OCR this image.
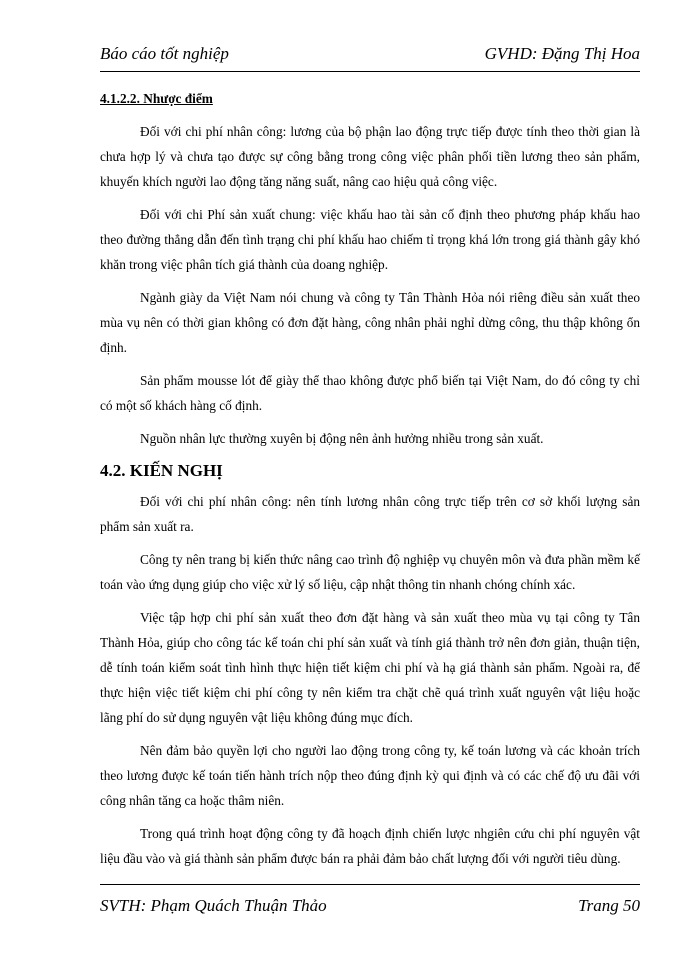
Báo cáo tốt nghiệp	GVHD: Đặng Thị Hoa
4.1.2.2. Nhược điểm

Đối với chi phí nhân công: lương của bộ phận lao động trực tiếp được tính theo thời gian là chưa hợp lý và chưa tạo được sự công bằng trong công việc phân phối tiền lương theo sản phẩm, khuyến khích người lao động tăng năng suất, nâng cao hiệu quả công việc.

Đối với chi Phí sản xuất chung: việc khấu hao tài sản cố định theo phương pháp khấu hao theo đường thẳng dẫn đến tình trạng chi phí khấu hao chiếm tỉ trọng khá lớn trong giá thành gây khó khăn trong việc phân tích giá thành của doang nghiệp.

Ngành giày da Việt Nam nói chung và công ty Tân Thành Hỏa nói riêng điều sản xuất theo mùa vụ nên có thời gian không có đơn đặt hàng, công nhân phải nghỉ dừng công, thu thập không ổn định.

Sản phẩm mousse lót để giày thể thao không được phổ biến tại Việt Nam, do đó công ty chỉ có một số khách hàng cố định.

Nguồn nhân lực thường xuyên bị động nên ảnh hưởng nhiều trong sản xuất.

4.2. KIẾN NGHỊ

Đối với chi phí nhân công: nên tính lương nhân công trực tiếp trên cơ sở khối lượng sản phẩm sản xuất ra.

Công ty nên trang bị kiến thức nâng cao trình độ nghiệp vụ chuyên môn và đưa phần mềm kế toán vào ứng dụng giúp cho việc xử lý số liệu, cập nhật thông tin nhanh chóng chính xác.

Việc tập hợp chi phí sản xuất theo đơn đặt hàng và sản xuất theo mùa vụ tại công ty Tân Thành Hỏa, giúp cho công tác kế toán chi phí sản xuất và tính giá thành trở nên đơn giản, thuận tiện, dễ tính toán kiểm soát tình hình thực hiện tiết kiệm chi phí và hạ giá thành sản phẩm. Ngoài ra, để thực hiện việc tiết kiệm chi phí công ty nên kiểm tra chặt chẽ quá trình xuất nguyên vật liệu hoặc lãng phí do sử dụng nguyên vật liệu không đúng mục đích.

Nên đảm bảo quyền lợi cho người lao động trong công ty, kế toán lương và các khoản trích theo lương được kế toán tiến hành trích nộp theo đúng định kỳ qui định và có các chế độ ưu đãi với công nhân tăng ca hoặc thâm niên.

Trong quá trình hoạt động công ty đã hoạch định chiến lược nhgiên cứu chi phí nguyên vật liệu đầu vào và giá thành sản phẩm được bán ra phải đảm bảo chất lượng đối với người tiêu dùng.

SVTH: Phạm Quách Thuận Thảo	Trang 50
